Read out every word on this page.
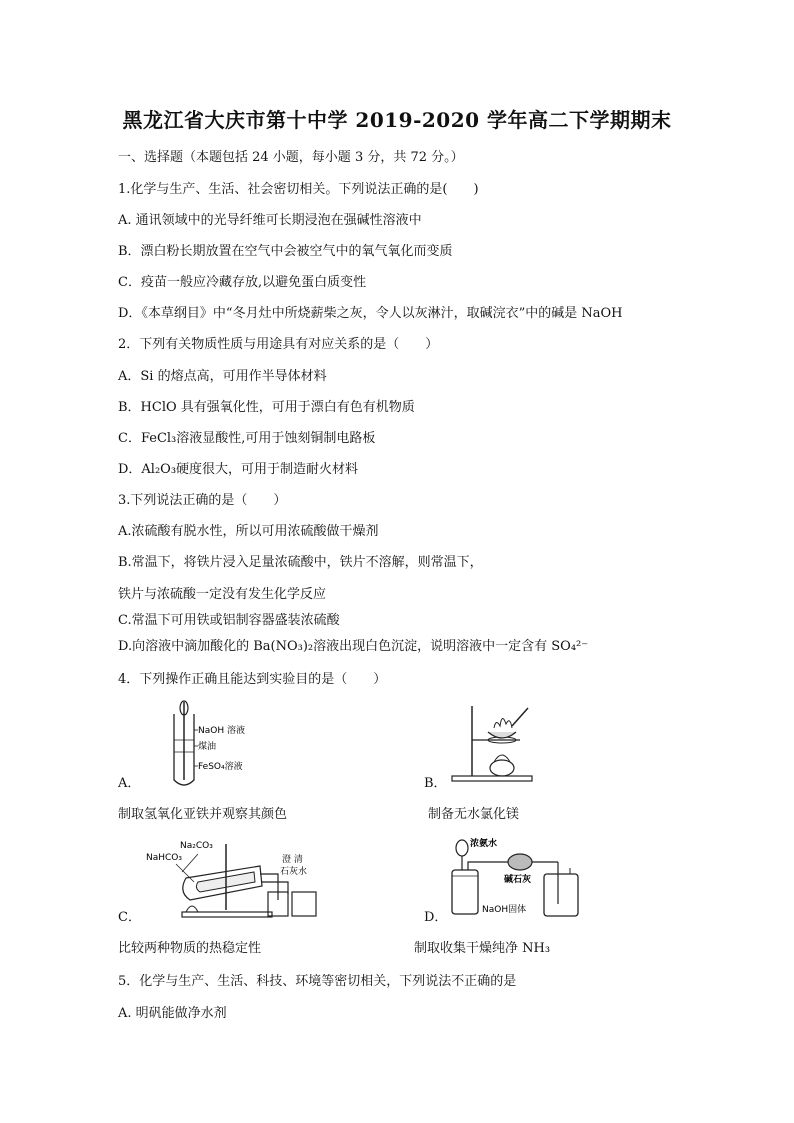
黑龙江省大庆市第十中学 2019-2020 学年高二下学期期末
一、选择题（本题包括 24 小题，每小题 3 分，共 72 分。）
1.化学与生产、生活、社会密切相关。下列说法正确的是(　　)
A. 通讯领域中的光导纤维可长期浸泡在强碱性溶液中
B．漂白粉长期放置在空气中会被空气中的氧气氧化而变质
C．疫苗一般应冷藏存放,以避免蛋白质变性
D．《本草纲目》中“冬月灶中所烧薪柴之灰，令人以灰淋汁，取碱浣衣”中的碱是 NaOH
2．下列有关物质性质与用途具有对应关系的是（　　）
A．Si 的熔点高，可用作半导体材料
B．HClO 具有强氧化性，可用于漂白有色有机物质
C．FeCl₃溶液显酸性,可用于蚀刻铜制电路板
D．Al₂O₃硬度很大，可用于制造耐火材料
3.下列说法正确的是（　　）
A.浓硫酸有脱水性，所以可用浓硫酸做干燥剂
B.常温下，将铁片浸入足量浓硫酸中，铁片不溶解，则常温下，
铁片与浓硫酸一定没有发生化学反应
C.常温下可用铁或铝制容器盛装浓硫酸
D.向溶液中滴加酸化的 Ba(NO₃)₂溶液出现白色沉淀，说明溶液中一定含有 SO₄²⁻
4．下列操作正确且能达到实验目的是（　　）
A．
NaOH 溶液
煤油
FeSO₄溶液
制取氢氧化亚铁并观察其颜色
B．
制备无水氯化镁
C．
Na₂CO₃
NaHCO₃	澄 清
石灰水
比较两种物质的热稳定性
D．
浓氨水
碱石灰
NaOH固体
制取收集干燥纯净 NH₃
5．化学与生产、生活、科技、环境等密切相关，下列说法不正确的是
A. 明矾能做净水剂
